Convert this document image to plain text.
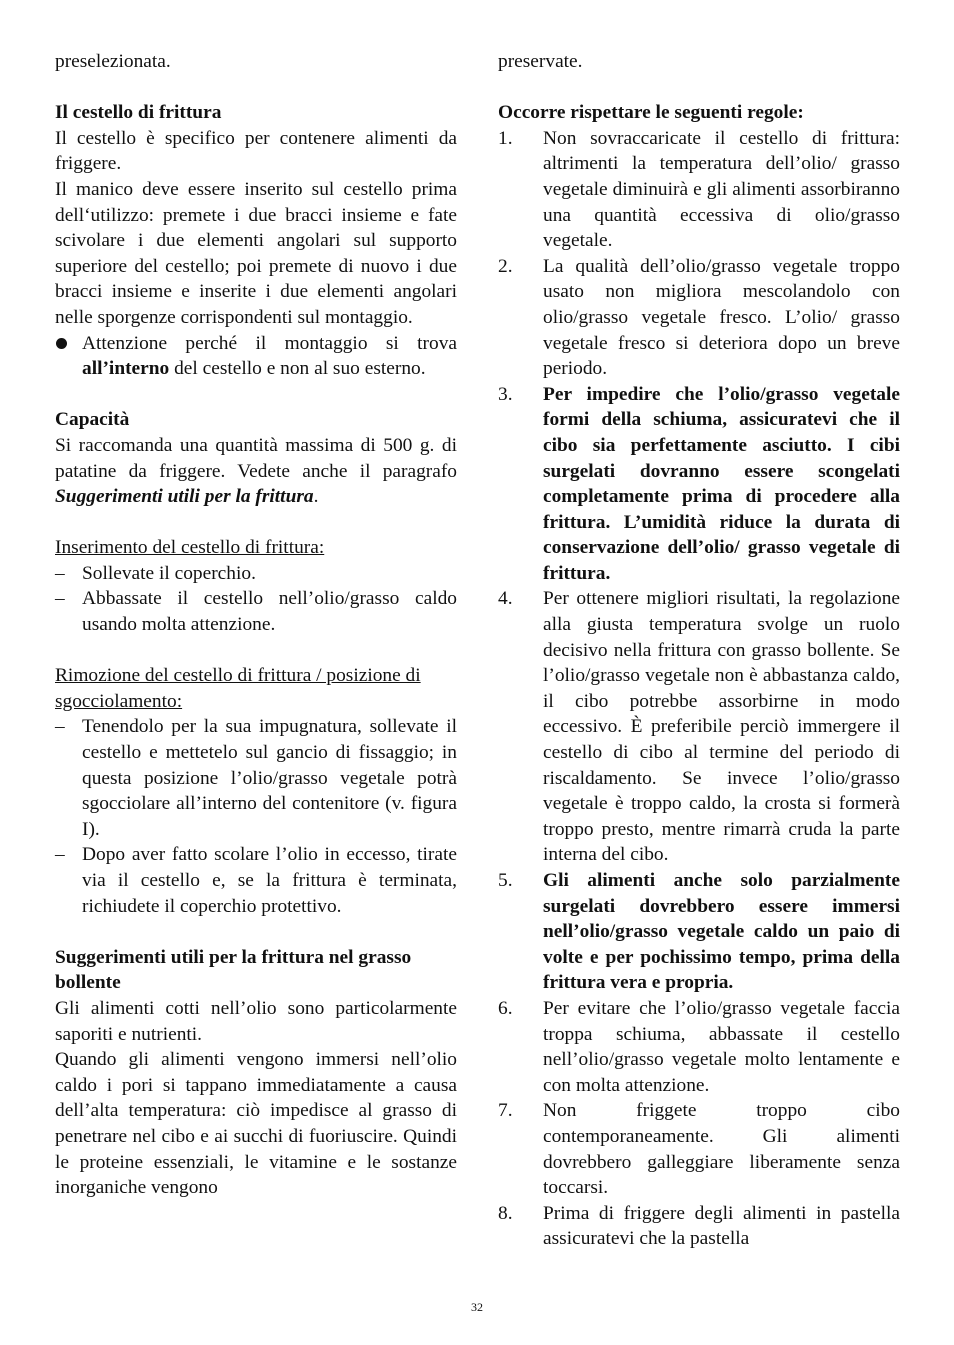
preselezionata.

Il cestello di frittura

Il cestello è specifico per contenere alimenti da friggere.

Il manico deve essere inserito sul cestello prima dell‘utilizzo: premete i due bracci insieme e fate scivolare i due elementi angolari sul supporto superiore del cestello; poi premete di nuovo i due bracci insieme e inserite i due elementi angolari nelle sporgenze corrispondenti sul montaggio.

Attenzione perché il montaggio si trova all’interno del cestello e non al suo esterno.

Capacità

Si raccomanda una quantità massima di 500 g. di patatine da friggere. Vedete anche il paragrafo Suggerimenti utili per la frittura.

Inserimento del cestello di frittura:

– Sollevate il coperchio.
– Abbassate il cestello nell’olio/grasso caldo usando molta attenzione.

Rimozione del cestello di frittura / posizione di sgocciolamento:

– Tenendolo per la sua impugnatura, sollevate il cestello e mettetelo sul gancio di fissaggio; in questa posizione l’olio/grasso vegetale potrà sgocciolare all’interno del contenitore (v. figura I).
– Dopo aver fatto scolare l’olio in eccesso, tirate via il cestello e, se la frittura è terminata, richiudete il coperchio protettivo.

Suggerimenti utili per la frittura nel grasso bollente

Gli alimenti cotti nell’olio sono particolarmente saporiti e nutrienti.

Quando gli alimenti vengono immersi nell’olio caldo i pori si tappano immediatamente a causa dell’alta temperatura: ciò impedisce al grasso di penetrare nel cibo e ai succhi di fuoriuscire. Quindi le proteine essenziali, le vitamine e le sostanze inorganiche vengono

preservate.

Occorre rispettare le seguenti regole:

1. Non sovraccaricate il cestello di frittura: altrimenti la temperatura dell’olio/ grasso vegetale diminuirà e gli alimenti assorbiranno una quantità eccessiva di olio/grasso vegetale.
2. La qualità dell’olio/grasso vegetale troppo usato non migliora mescolandolo con olio/grasso vegetale fresco. L’olio/ grasso vegetale fresco si deteriora dopo un breve periodo.
3. Per impedire che l’olio/grasso vegetale formi della schiuma, assicuratevi che il cibo sia perfettamente asciutto. I cibi surgelati dovranno essere scongelati completamente prima di procedere alla frittura. L’umidità riduce la durata di conservazione dell’olio/ grasso vegetale di frittura.
4. Per ottenere migliori risultati, la regolazione alla giusta temperatura svolge un ruolo decisivo nella frittura con grasso bollente. Se l’olio/grasso vegetale non è abbastanza caldo, il cibo potrebbe assorbirne in modo eccessivo. È preferibile perciò immergere il cestello di cibo al termine del periodo di riscaldamento. Se invece l’olio/grasso vegetale è troppo caldo, la crosta si formerà troppo presto, mentre rimarrà cruda la parte interna del cibo.
5. Gli alimenti anche solo parzialmente surgelati dovrebbero essere immersi nell’olio/grasso vegetale caldo un paio di volte e per pochissimo tempo, prima della frittura vera e propria.
6. Per evitare che l’olio/grasso vegetale faccia troppa schiuma, abbassate il cestello nell’olio/grasso vegetale molto lentamente e con molta attenzione.
7. Non friggete troppo cibo contemporaneamente. Gli alimenti dovrebbero galleggiare liberamente senza toccarsi.
8. Prima di friggere degli alimenti in pastella assicuratevi che la pastella
32
